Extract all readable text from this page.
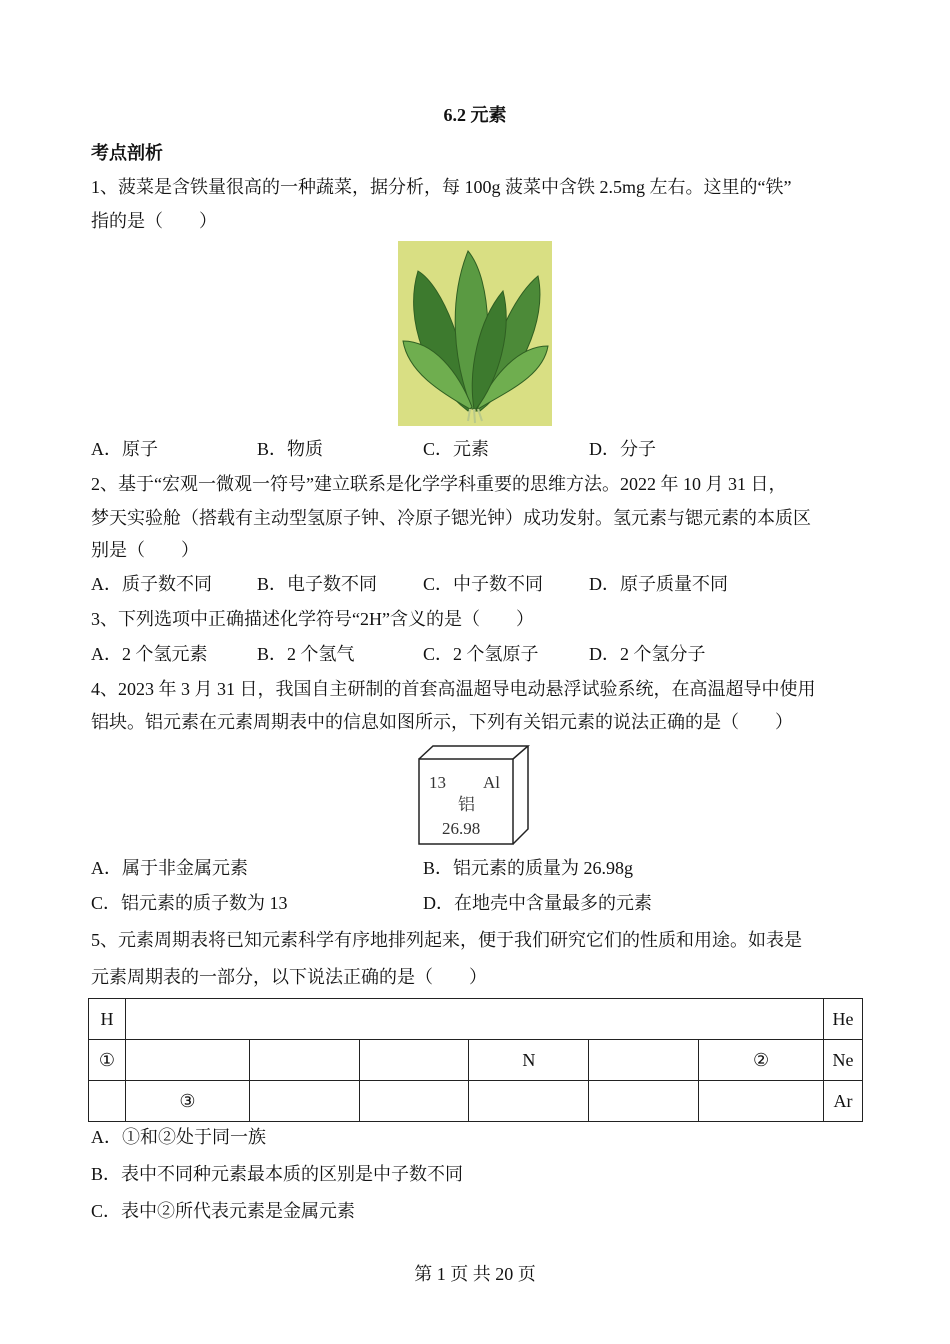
6.2 元素
考点剖析
1、菠菜是含铁量很高的一种蔬菜，据分析，每 100g 菠菜中含铁 2.5mg 左右。这里的“铁”
指的是（　　）
A．原子	B．物质	C．元素	D．分子
2、基于“宏观一微观一符号”建立联系是化学学科重要的思维方法。2022 年 10 月 31 日，
梦天实验舱（搭载有主动型氢原子钟、冷原子锶光钟）成功发射。氢元素与锶元素的本质区
别是（　　）
A．质子数不同	B．电子数不同	C．中子数不同	D．原子质量不同
3、下列选项中正确描述化学符号“2H”含义的是（　　）
A．2 个氢元素	B．2 个氢气	C．2 个氢原子	D．2 个氢分子
4、2023 年 3 月 31 日，我国自主研制的首套高温超导电动悬浮试验系统，在高温超导中使用
铝块。铝元素在元素周期表中的信息如图所示，下列有关铝元素的说法正确的是（　　）
13 Al
铝
26.98
A．属于非金属元素	B．铝元素的质量为 26.98g
C．铝元素的质子数为 13	D．在地壳中含量最多的元素
5、元素周期表将已知元素科学有序地排列起来，便于我们研究它们的性质和用途。如表是
元素周期表的一部分，以下说法正确的是（　　）
H							He
①				N		②	Ne
	③						Ar
A．①和②处于同一族
B．表中不同种元素最本质的区别是中子数不同
C．表中②所代表元素是金属元素
第 1 页 共 20 页
